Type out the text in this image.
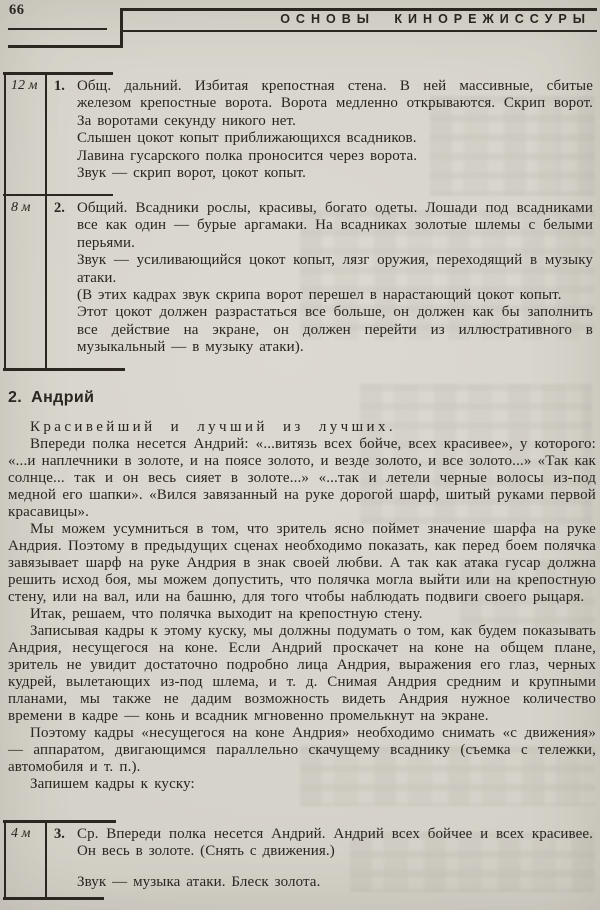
66
ОСНОВЫ КИНОРЕЖИССУРЫ
12 м	1. Общ. дальний. Избитая крепостная стена. В ней массивные, сбитые железом крепостные ворота. Ворота медленно открываются. Скрип ворот. За воротами секунду никого нет.

Слышен цокот копыт приближающихся всадников.

Лавина гусарского полка проносится через ворота.

Звук — скрип ворот, цокот копыт.

8 м	2. Общий. Всадники рослы, красивы, богато одеты. Лошади под всадниками все как один — бурые аргамаки. На всадниках золотые шлемы с белыми перьями.

Звук — усиливающийся цокот копыт, лязг оружия, переходящий в музыку атаки.

(В этих кадрах звук скрипа ворот перешел в нарастающий цокот копыт.

Этот цокот должен разрастаться все больше, он должен как бы заполнить все действие на экране, он должен перейти из иллюстративного в музыкальный — в музыку атаки).

2. Андрий

Красивейший и лучший из лучших.

Впереди полка несется Андрий: «...витязь всех бойче, всех красивее», у которого: «...и наплечники в золоте, и на поясе золото, и везде золото, и все золото...» «Так как солнце... так и он весь сияет в золоте...» «...так и летели черные волосы из-под медной его шапки». «Вился завязанный на руке дорогой шарф, шитый руками первой красавицы».

Мы можем усумниться в том, что зритель ясно поймет значение шарфа на руке Андрия. Поэтому в предыдущих сценах необходимо показать, как перед боем полячка завязывает шарф на руке Андрия в знак своей любви. А так как атака гусар должна решить исход боя, мы можем допустить, что полячка могла выйти или на крепостную стену, или на вал, или на башню, для того чтобы наблюдать подвиги своего рыцаря.

Итак, решаем, что полячка выходит на крепостную стену.

Записывая кадры к этому куску, мы должны подумать о том, как будем показывать Андрия, несущегося на коне. Если Андрий проскачет на коне на общем плане, зритель не увидит достаточно подробно лица Андрия, выражения его глаз, черных кудрей, вылетающих из-под шлема, и т. д. Снимая Андрия средним и крупными планами, мы также не дадим возможность видеть Андрия нужное количество времени в кадре — конь и всадник мгновенно промелькнут на экране.

Поэтому кадры «несущегося на коне Андрия» необходимо снимать «с движения» — аппаратом, двигающимся параллельно скачущему всаднику (съемка с тележки, автомобиля и т. п.).

Запишем кадры к куску:

4 м	3. Ср. Впереди полка несется Андрий. Андрий всех бойчее и всех красивее. Он весь в золоте. (Снять с движения.)

Звук — музыка атаки. Блеск золота.
